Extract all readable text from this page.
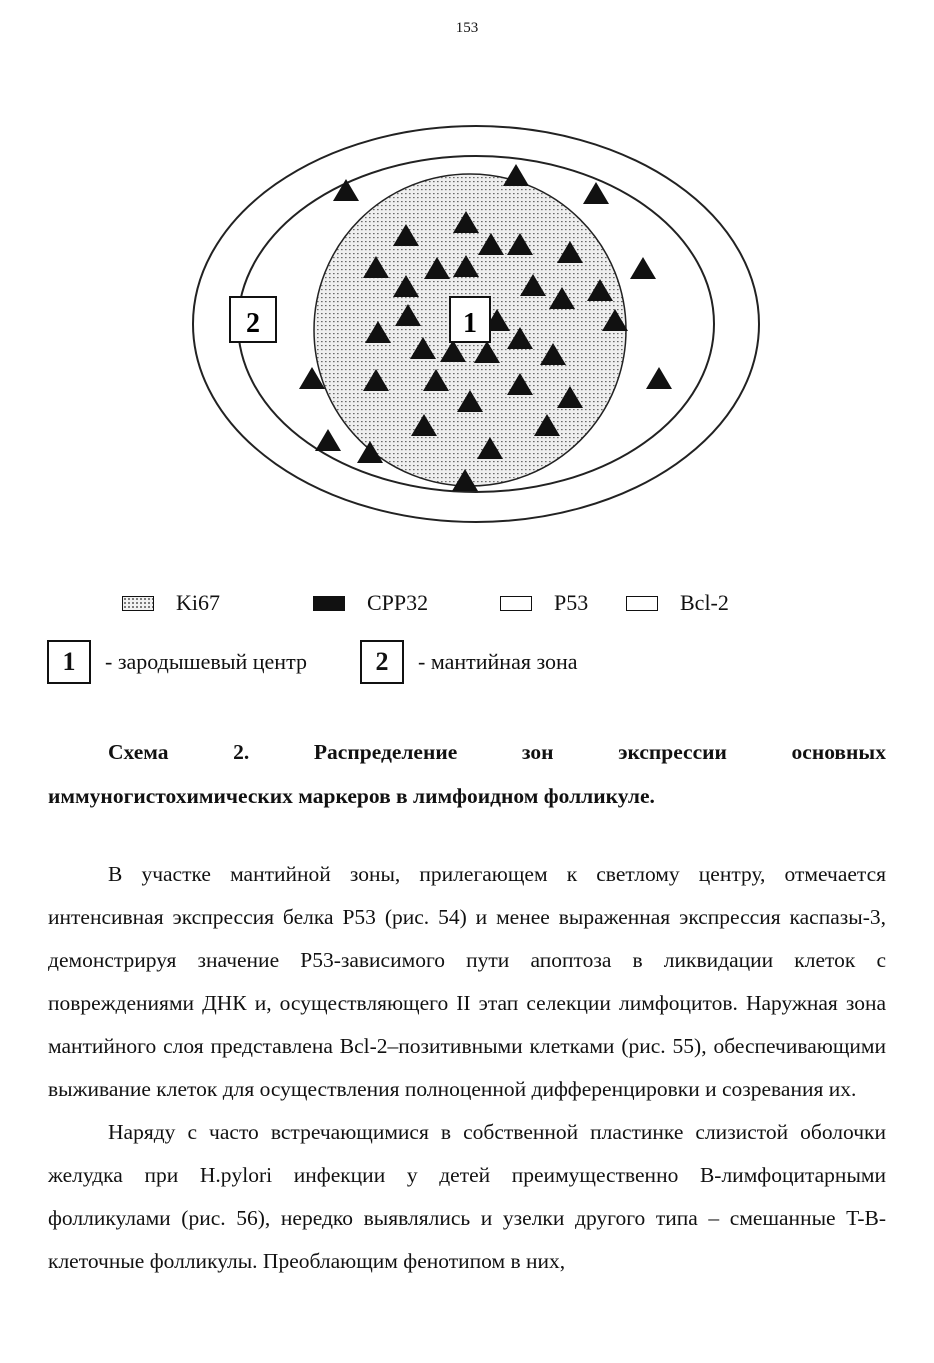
153
1
2
Ki67	CPP32	P53	Bcl-2
1	- зародышевый центр	2	- мантийная зона
Схема	2.	Распределение	зон	экспрессии	основных
иммуногистохимических маркеров в лимфоидном фолликуле.

В участке мантийной зоны, прилегающем к светлому центру, отмечается интенсивная экспрессия белка P53 (рис. 54) и менее выраженная экспрессия каспазы-3, демонстрируя значение P53-зависимого пути апоптоза в ликвидации клеток с повреждениями ДНК и, осуществляющего II этап селекции лимфоцитов. Наружная зона мантийного слоя представлена Bcl-2–позитивными клетками (рис. 55), обеспечивающими выживание клеток для осуществления полноценной дифференцировки и созревания их.

Наряду с часто встречающимися в собственной пластинке слизистой оболочки желудка при H.pylori инфекции у детей преимущественно B-лимфоцитарными фолликулами (рис. 56), нередко выявлялись и узелки другого типа – смешанные T-B-клеточные фолликулы. Преоблающим фенотипом в них,
